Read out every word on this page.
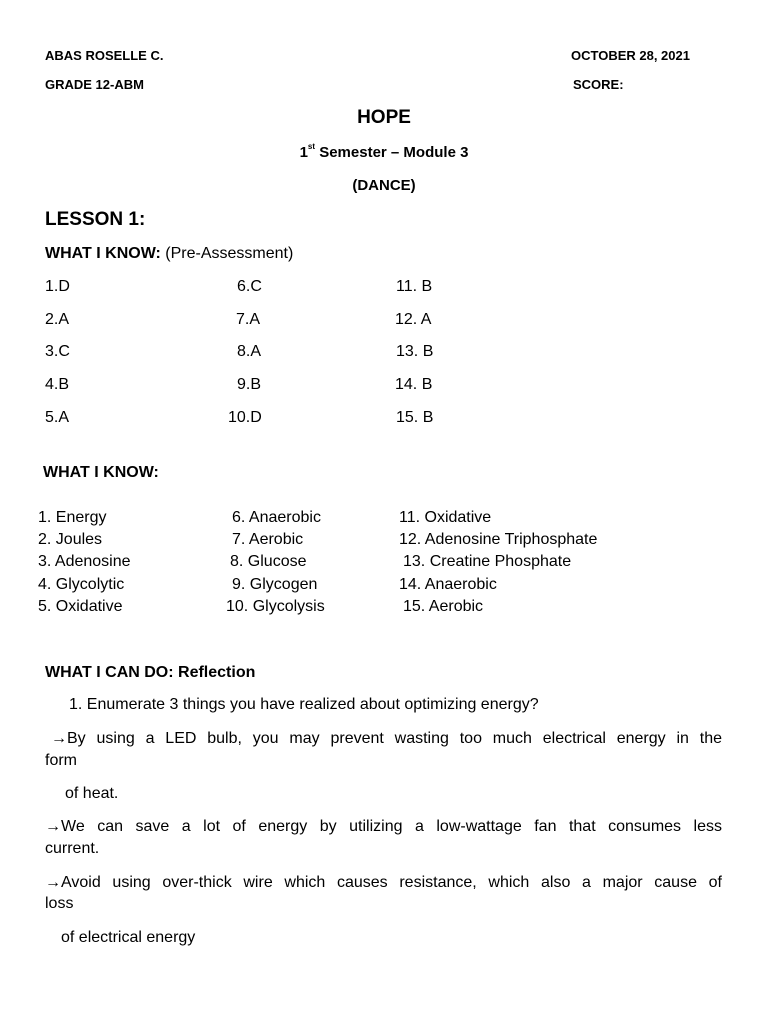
ABAS ROSELLE C.	OCTOBER 28, 2021
GRADE 12-ABM	SCORE:
HOPE
1st Semester – Module 3
(DANCE)
LESSON 1:
WHAT I KNOW: (Pre-Assessment)
1.D	6.C	11. B
2.A	7.A	12. A
3.C	8.A	13. B
4.B	9.B	14. B
5.A	10.D	15. B
WHAT I KNOW:
1. Energy	6. Anaerobic	11. Oxidative
2. Joules	7. Aerobic	12. Adenosine Triphosphate
3. Adenosine	8. Glucose	13. Creatine Phosphate
4. Glycolytic	9. Glycogen	14. Anaerobic
5. Oxidative	10. Glycolysis	15. Aerobic
WHAT I CAN DO: Reflection
1. Enumerate 3 things you have realized about optimizing energy?
→By using a LED bulb, you may prevent wasting too much electrical energy in the
form
of heat.
→We can save a lot of energy by utilizing a low-wattage fan that consumes less
current.
→Avoid using over-thick wire which causes resistance, which also a major cause of
loss
of electrical energy
